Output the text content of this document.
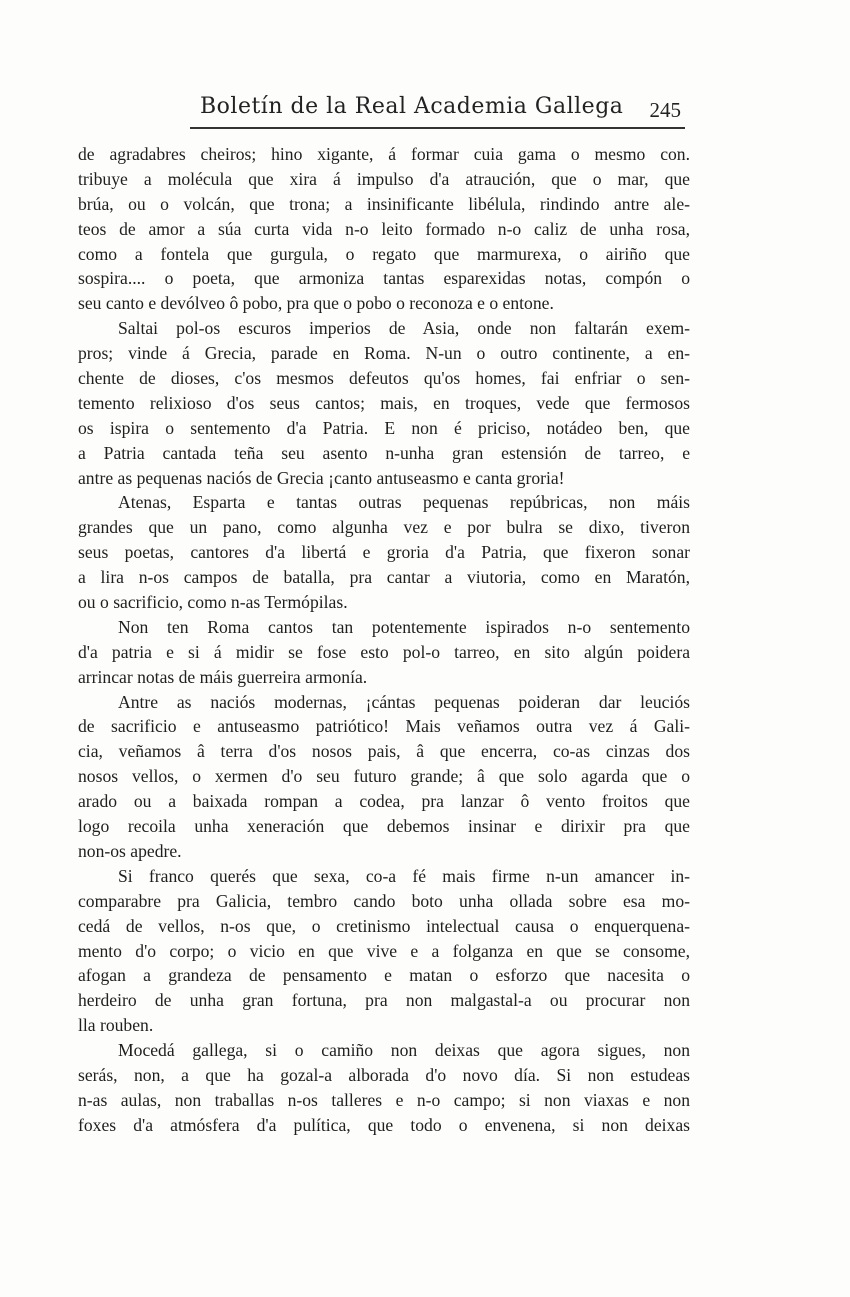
Boletín de la Real Academia Gallega 245
de agradabres cheiros; hino xigante, á formar cuia gama o mesmo con.
tribuye a molécula que xira á impulso d'a atraución, que o mar, que
brúa, ou o volcán, que trona; a insinificante libélula, rindindo antre ale-
teos de amor a súa curta vida n-o leito formado n-o caliz de unha rosa,
como a fontela que gurgula, o regato que marmurexa, o airiño que
sospira.... o poeta, que armoniza tantas esparexidas notas, compón o
seu canto e devólveo ô pobo, pra que o pobo o reconoza e o entone.
Saltai pol-os escuros imperios de Asia, onde non faltarán exem-
pros; vinde á Grecia, parade en Roma. N-un o outro continente, a en-
chente de dioses, c'os mesmos defeutos qu'os homes, fai enfriar o sen-
temento relixioso d'os seus cantos; mais, en troques, vede que fermosos
os ispira o sentemento d'a Patria. E non é priciso, notádeo ben, que
a Patria cantada teña seu asento n-unha gran estensión de tarreo, e
antre as pequenas naciós de Grecia ¡canto antuseasmo e canta groria!
Atenas, Esparta e tantas outras pequenas repúbricas, non máis
grandes que un pano, como algunha vez e por bulra se dixo, tiveron
seus poetas, cantores d'a libertá e groria d'a Patria, que fixeron sonar
a lira n-os campos de batalla, pra cantar a viutoria, como en Maratón,
ou o sacrificio, como n-as Termópilas.
Non ten Roma cantos tan potentemente ispirados n-o sentemento
d'a patria e si á midir se fose esto pol-o tarreo, en sito algún poidera
arrincar notas de máis guerreira armonía.
Antre as naciós modernas, ¡cántas pequenas poideran dar leuciós
de sacrificio e antuseasmo patriótico! Mais veñamos outra vez á Gali-
cia, veñamos â terra d'os nosos pais, â que encerra, co-as cinzas dos
nosos vellos, o xermen d'o seu futuro grande; â que solo agarda que o
arado ou a baixada rompan a codea, pra lanzar ô vento froitos que
logo recoila unha xeneración que debemos insinar e dirixir pra que
non-os apedre.
Si franco querés que sexa, co-a fé mais firme n-un amancer in-
comparabre pra Galicia, tembro cando boto unha ollada sobre esa mo-
cedá de vellos, n-os que, o cretinismo intelectual causa o enquerquena-
mento d'o corpo; o vicio en que vive e a folganza en que se consome,
afogan a grandeza de pensamento e matan o esforzo que nacesita o
herdeiro de unha gran fortuna, pra non malgastal-a ou procurar non
lla rouben.
Mocedá gallega, si o camiño non deixas que agora sigues, non
serás, non, a que ha gozal-a alborada d'o novo día. Si non estudeas
n-as aulas, non traballas n-os talleres e n-o campo; si non viaxas e non
foxes d'a atmósfera d'a pulítica, que todo o envenena, si non deixas
